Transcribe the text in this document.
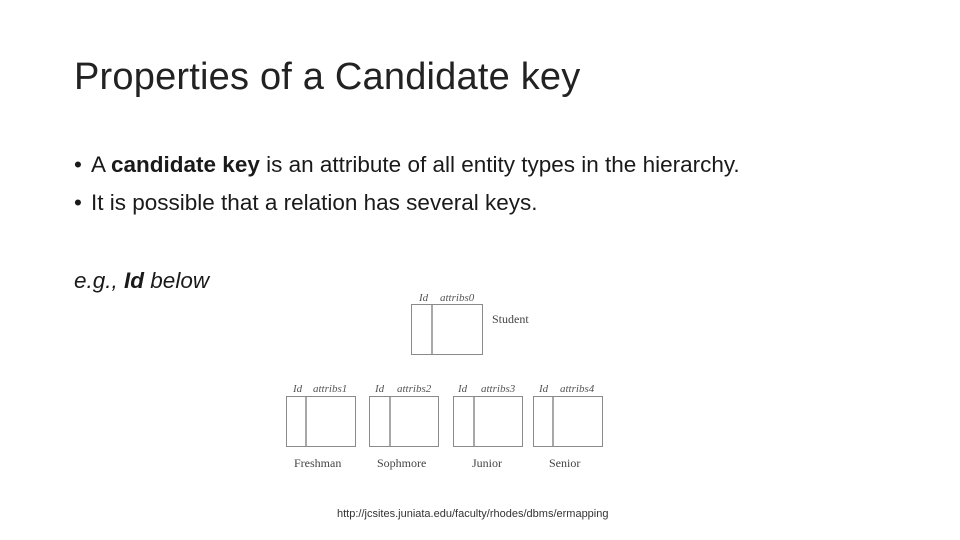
Properties of a Candidate key
• A candidate key is an attribute of all entity types in the hierarchy.
• It is possible that a relation has several keys.
e.g., Id below
Id attribs0
Student
Id attribs1
Freshman
Id attribs2
Sophmore
Id attribs3
Junior
Id attribs4
Senior
http://jcsites.juniata.edu/faculty/rhodes/dbms/ermapping
